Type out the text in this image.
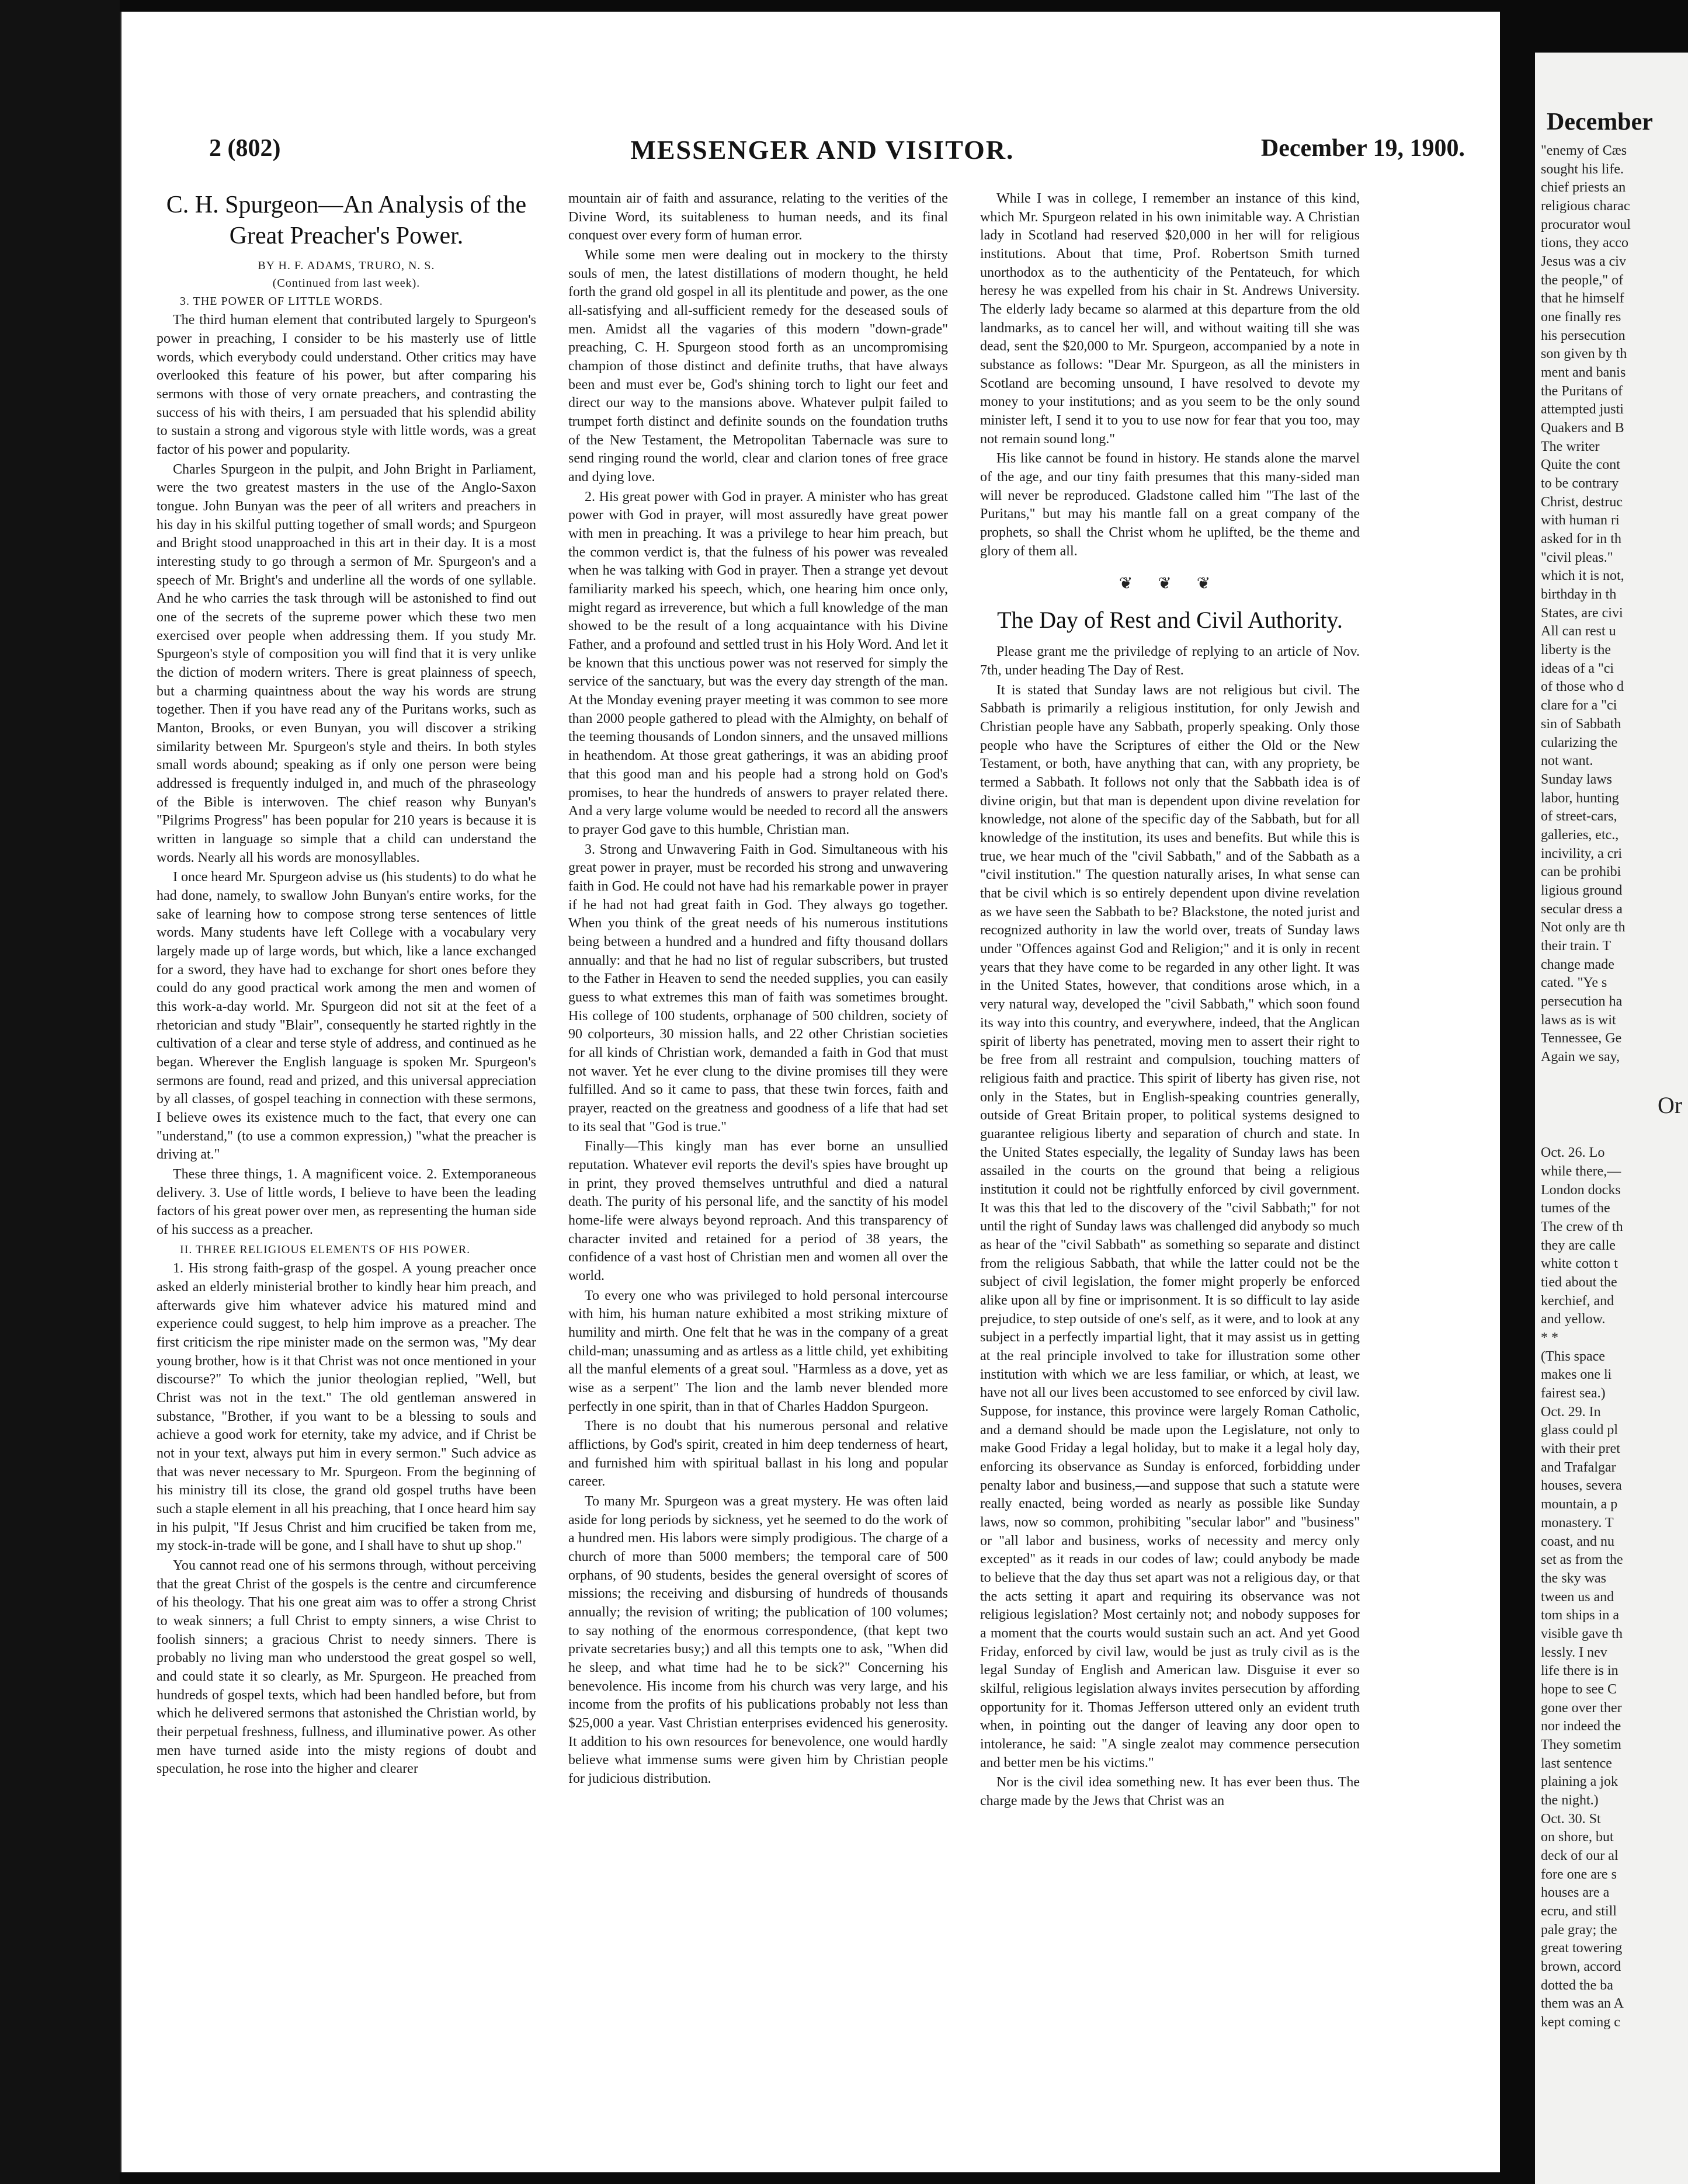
2 (802)	MESSENGER AND VISITOR.	December 19, 1900.
C. H. Spurgeon—An Analysis of the Great Preacher's Power.
BY H. F. ADAMS, TRURO, N. S.
(Continued from last week).
3. THE POWER OF LITTLE WORDS.

The third human element that contributed largely to Spurgeon's power in preaching, I consider to be his masterly use of little words, which everybody could understand. Other critics may have overlooked this feature of his power, but after comparing his sermons with those of very ornate preachers, and contrasting the success of his with theirs, I am persuaded that his splendid ability to sustain a strong and vigorous style with little words, was a great factor of his power and popularity.

Charles Spurgeon in the pulpit, and John Bright in Parliament, were the two greatest masters in the use of the Anglo-Saxon tongue. John Bunyan was the peer of all writers and preachers in his day in his skilful putting together of small words; and Spurgeon and Bright stood unapproached in this art in their day. It is a most interesting study to go through a sermon of Mr. Spurgeon's and a speech of Mr. Bright's and underline all the words of one syllable. And he who carries the task through will be astonished to find out one of the secrets of the supreme power which these two men exercised over people when addressing them. If you study Mr. Spurgeon's style of composition you will find that it is very unlike the diction of modern writers. There is great plainness of speech, but a charming quaintness about the way his words are strung together. Then if you have read any of the Puritans works, such as Manton, Brooks, or even Bunyan, you will discover a striking similarity between Mr. Spurgeon's style and theirs. In both styles small words abound; speaking as if only one person were being addressed is frequently indulged in, and much of the phraseology of the Bible is interwoven. The chief reason why Bunyan's "Pilgrims Progress" has been popular for 210 years is because it is written in language so simple that a child can understand the words. Nearly all his words are monosyllables.

I once heard Mr. Spurgeon advise us (his students) to do what he had done, namely, to swallow John Bunyan's entire works, for the sake of learning how to compose strong terse sentences of little words. Many students have left College with a vocabulary very largely made up of large words, but which, like a lance exchanged for a sword, they have had to exchange for short ones before they could do any good practical work among the men and women of this work-a-day world. Mr. Spurgeon did not sit at the feet of a rhetorician and study "Blair", consequently he started rightly in the cultivation of a clear and terse style of address, and continued as he began. Wherever the English language is spoken Mr. Spurgeon's sermons are found, read and prized, and this universal appreciation by all classes, of gospel teaching in connection with these sermons, I believe owes its existence much to the fact, that every one can "understand," (to use a common expression,) "what the preacher is driving at."

These three things, 1. A magnificent voice. 2. Extemporaneous delivery. 3. Use of little words, I believe to have been the leading factors of his great power over men, as representing the human side of his success as a preacher.

II. THREE RELIGIOUS ELEMENTS OF HIS POWER.

1. His strong faith-grasp of the gospel. A young preacher once asked an elderly ministerial brother to kindly hear him preach, and afterwards give him whatever advice his matured mind and experience could suggest, to help him improve as a preacher. The first criticism the ripe minister made on the sermon was, "My dear young brother, how is it that Christ was not once mentioned in your discourse?" To which the junior theologian replied, "Well, but Christ was not in the text." The old gentleman answered in substance, "Brother, if you want to be a blessing to souls and achieve a good work for eternity, take my advice, and if Christ be not in your text, always put him in every sermon." Such advice as that was never necessary to Mr. Spurgeon. From the beginning of his ministry till its close, the grand old gospel truths have been such a staple element in all his preaching, that I once heard him say in his pulpit, "If Jesus Christ and him crucified be taken from me, my stock-in-trade will be gone, and I shall have to shut up shop."

You cannot read one of his sermons through, without perceiving that the great Christ of the gospels is the centre and circumference of his theology. That his one great aim was to offer a strong Christ to weak sinners; a full Christ to empty sinners, a wise Christ to foolish sinners; a gracious Christ to needy sinners. There is probably no living man who understood the great gospel so well, and could state it so clearly, as Mr. Spurgeon. He preached from hundreds of gospel texts, which had been handled before, but from which he delivered sermons that astonished the Christian world, by their perpetual freshness, fullness, and illuminative power. As other men have turned aside into the misty regions of doubt and speculation, he rose into the higher and clearer

mountain air of faith and assurance, relating to the verities of the Divine Word, its suitableness to human needs, and its final conquest over every form of human error.

While some men were dealing out in mockery to the thirsty souls of men, the latest distillations of modern thought, he held forth the grand old gospel in all its plentitude and power, as the one all-satisfying and all-sufficient remedy for the deseased souls of men. Amidst all the vagaries of this modern "down-grade" preaching, C. H. Spurgeon stood forth as an uncompromising champion of those distinct and definite truths, that have always been and must ever be, God's shining torch to light our feet and direct our way to the mansions above. Whatever pulpit failed to trumpet forth distinct and definite sounds on the foundation truths of the New Testament, the Metropolitan Tabernacle was sure to send ringing round the world, clear and clarion tones of free grace and dying love.

2. His great power with God in prayer. A minister who has great power with God in prayer, will most assuredly have great power with men in preaching. It was a privilege to hear him preach, but the common verdict is, that the fulness of his power was revealed when he was talking with God in prayer. Then a strange yet devout familiarity marked his speech, which, one hearing him once only, might regard as irreverence, but which a full knowledge of the man showed to be the result of a long acquaintance with his Divine Father, and a profound and settled trust in his Holy Word. And let it be known that this unctious power was not reserved for simply the service of the sanctuary, but was the every day strength of the man. At the Monday evening prayer meeting it was common to see more than 2000 people gathered to plead with the Almighty, on behalf of the teeming thousands of London sinners, and the unsaved millions in heathendom. At those great gatherings, it was an abiding proof that this good man and his people had a strong hold on God's promises, to hear the hundreds of answers to prayer related there. And a very large volume would be needed to record all the answers to prayer God gave to this humble, Christian man.

3. Strong and Unwavering Faith in God. Simultaneous with his great power in prayer, must be recorded his strong and unwavering faith in God. He could not have had his remarkable power in prayer if he had not had great faith in God. They always go together. When you think of the great needs of his numerous institutions being between a hundred and a hundred and fifty thousand dollars annually: and that he had no list of regular subscribers, but trusted to the Father in Heaven to send the needed supplies, you can easily guess to what extremes this man of faith was sometimes brought. His college of 100 students, orphanage of 500 children, society of 90 colporteurs, 30 mission halls, and 22 other Christian societies for all kinds of Christian work, demanded a faith in God that must not waver. Yet he ever clung to the divine promises till they were fulfilled. And so it came to pass, that these twin forces, faith and prayer, reacted on the greatness and goodness of a life that had set to its seal that "God is true."

Finally—This kingly man has ever borne an unsullied reputation. Whatever evil reports the devil's spies have brought up in print, they proved themselves untruthful and died a natural death. The purity of his personal life, and the sanctity of his model home-life were always beyond reproach. And this transparency of character invited and retained for a period of 38 years, the confidence of a vast host of Christian men and women all over the world.

To every one who was privileged to hold personal intercourse with him, his human nature exhibited a most striking mixture of humility and mirth. One felt that he was in the company of a great child-man; unassuming and as artless as a little child, yet exhibiting all the manful elements of a great soul. "Harmless as a dove, yet as wise as a serpent" The lion and the lamb never blended more perfectly in one spirit, than in that of Charles Haddon Spurgeon.

There is no doubt that his numerous personal and relative afflictions, by God's spirit, created in him deep tenderness of heart, and furnished him with spiritual ballast in his long and popular career.

To many Mr. Spurgeon was a great mystery. He was often laid aside for long periods by sickness, yet he seemed to do the work of a hundred men. His labors were simply prodigious. The charge of a church of more than 5000 members; the temporal care of 500 orphans, of 90 students, besides the general oversight of scores of missions; the receiving and disbursing of hundreds of thousands annually; the revision of writing; the publication of 100 volumes; to say nothing of the enormous correspondence, (that kept two private secretaries busy;) and all this tempts one to ask, "When did he sleep, and what time had he to be sick?" Concerning his benevolence. His income from his church was very large, and his income from the profits of his publications probably not less than $25,000 a year. Vast Christian enterprises evidenced his generosity. It addition to his own resources for benevolence, one would hardly believe what immense sums were given him by Christian people for judicious distribution.

While I was in college, I remember an instance of this kind, which Mr. Spurgeon related in his own inimitable way. A Christian lady in Scotland had reserved $20,000 in her will for religious institutions. About that time, Prof. Robertson Smith turned unorthodox as to the authenticity of the Pentateuch, for which heresy he was expelled from his chair in St. Andrews University. The elderly lady became so alarmed at this departure from the old landmarks, as to cancel her will, and without waiting till she was dead, sent the $20,000 to Mr. Spurgeon, accompanied by a note in substance as follows: "Dear Mr. Spurgeon, as all the ministers in Scotland are becoming unsound, I have resolved to devote my money to your institutions; and as you seem to be the only sound minister left, I send it to you to use now for fear that you too, may not remain sound long."

His like cannot be found in history. He stands alone the marvel of the age, and our tiny faith presumes that this many-sided man will never be reproduced. Gladstone called him "The last of the Puritans," but may his mantle fall on a great company of the prophets, so shall the Christ whom he uplifted, be the theme and glory of them all.

❦ ❦ ❦
The Day of Rest and Civil Authority.

Please grant me the priviledge of replying to an article of Nov. 7th, under heading The Day of Rest.

It is stated that Sunday laws are not religious but civil. The Sabbath is primarily a religious institution, for only Jewish and Christian people have any Sabbath, properly speaking. Only those people who have the Scriptures of either the Old or the New Testament, or both, have anything that can, with any propriety, be termed a Sabbath. It follows not only that the Sabbath idea is of divine origin, but that man is dependent upon divine revelation for knowledge, not alone of the specific day of the Sabbath, but for all knowledge of the institution, its uses and benefits. But while this is true, we hear much of the "civil Sabbath," and of the Sabbath as a "civil institution." The question naturally arises, In what sense can that be civil which is so entirely dependent upon divine revelation as we have seen the Sabbath to be? Blackstone, the noted jurist and recognized authority in law the world over, treats of Sunday laws under "Offences against God and Religion;" and it is only in recent years that they have come to be regarded in any other light. It was in the United States, however, that conditions arose which, in a very natural way, developed the "civil Sabbath," which soon found its way into this country, and everywhere, indeed, that the Anglican spirit of liberty has penetrated, moving men to assert their right to be free from all restraint and compulsion, touching matters of religious faith and practice. This spirit of liberty has given rise, not only in the States, but in English-speaking countries generally, outside of Great Britain proper, to political systems designed to guarantee religious liberty and separation of church and state. In the United States especially, the legality of Sunday laws has been assailed in the courts on the ground that being a religious institution it could not be rightfully enforced by civil government. It was this that led to the discovery of the "civil Sabbath;" for not until the right of Sunday laws was challenged did anybody so much as hear of the "civil Sabbath" as something so separate and distinct from the religious Sabbath, that while the latter could not be the subject of civil legislation, the fomer might properly be enforced alike upon all by fine or imprisonment. It is so difficult to lay aside prejudice, to step outside of one's self, as it were, and to look at any subject in a perfectly impartial light, that it may assist us in getting at the real principle involved to take for illustration some other institution with which we are less familiar, or which, at least, we have not all our lives been accustomed to see enforced by civil law. Suppose, for instance, this province were largely Roman Catholic, and a demand should be made upon the Legislature, not only to make Good Friday a legal holiday, but to make it a legal holy day, enforcing its observance as Sunday is enforced, forbidding under penalty labor and business,—and suppose that such a statute were really enacted, being worded as nearly as possible like Sunday laws, now so common, prohibiting "secular labor" and "business" or "all labor and business, works of necessity and mercy only excepted" as it reads in our codes of law; could anybody be made to believe that the day thus set apart was not a religious day, or that the acts setting it apart and requiring its observance was not religious legislation? Most certainly not; and nobody supposes for a moment that the courts would sustain such an act. And yet Good Friday, enforced by civil law, would be just as truly civil as is the legal Sunday of English and American law. Disguise it ever so skilful, religious legislation always invites persecution by affording opportunity for it. Thomas Jefferson uttered only an evident truth when, in pointing out the danger of leaving any door open to intolerance, he said: "A single zealot may commence persecution and better men be his victims."

Nor is the civil idea something new. It has ever been thus. The charge made by the Jews that Christ was an

December
"enemy of Cæs
sought his life.
chief priests an
religious charac
procurator woul
tions, they acco
Jesus was a civ
the people," of
that he himself
one finally res
his persecution
son given by th
ment and banis
the Puritans of
attempted justi
Quakers and B
The writer
Quite the cont
to be contrary
Christ, destruc
with human ri
asked for in th
"civil pleas."
which it is not,
birthday in th
States, are civi
All can rest u
liberty is the
ideas of a "ci
of those who d
clare for a "ci
sin of Sabbath
cularizing the
not want.
Sunday laws
labor, hunting
of street-cars,
galleries, etc.,
incivility, a cri
can be prohibi
ligious ground
secular dress a
Not only are th
their train. T
change made
cated. "Ye s
persecution ha
laws as is wit
Tennessee, Ge
Again we say,
Or
Oct. 26. Lo
while there,—
London docks
tumes of the
The crew of th
they are calle
white cotton t
tied about the
kerchief, and
and yellow.
* *
(This space
makes one li
fairest sea.)
Oct. 29. In
glass could pl
with their pret
and Trafalgar
houses, severa
mountain, a p
monastery. T
coast, and nu
set as from the
the sky was
tween us and
tom ships in a
visible gave th
lessly. I nev
life there is in
hope to see C
gone over ther
nor indeed the
They sometim
last sentence
plaining a jok
the night.)
Oct. 30. St
on shore, but
deck of our al
fore one are s
houses are a
ecru, and still
pale gray; the
great towering
brown, accord
dotted the ba
them was an A
kept coming c
